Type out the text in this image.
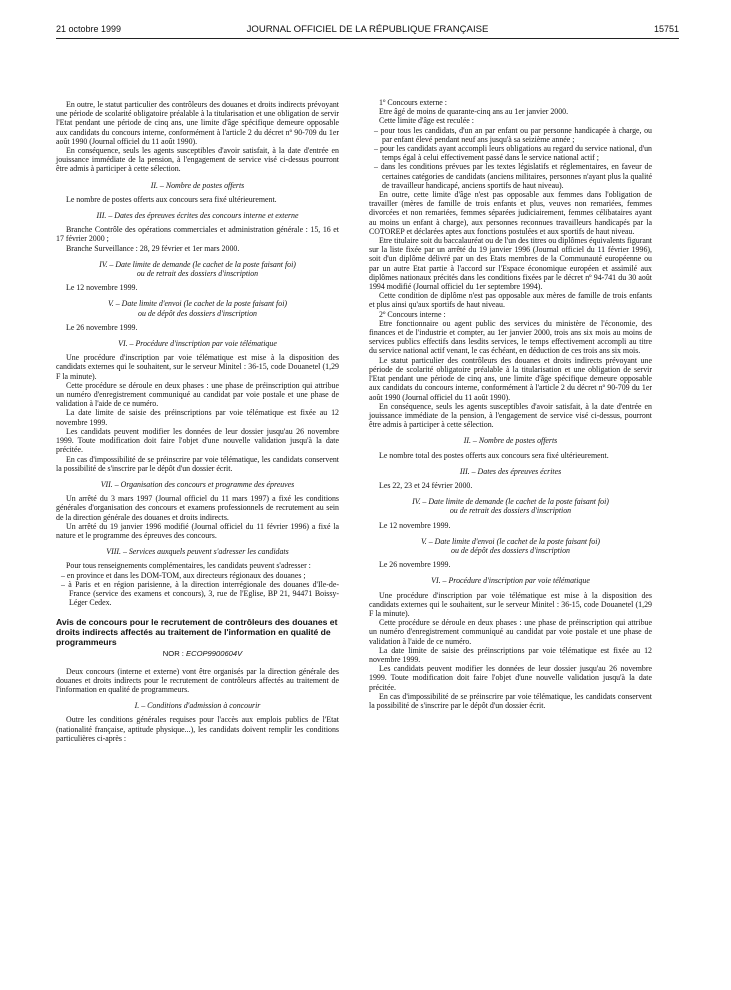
21 octobre 1999	JOURNAL OFFICIEL DE LA RÉPUBLIQUE FRANÇAISE	15751

En outre, le statut particulier des contrôleurs des douanes et droits indirects prévoyant une période de scolarité obligatoire préalable à la titularisation et une obligation de servir l'Etat pendant une période de cinq ans, une limite d'âge spécifique demeure opposable aux candidats du concours interne, conformément à l'article 2 du décret nº 90-709 du 1er août 1990 (Journal officiel du 11 août 1990).

En conséquence, seuls les agents susceptibles d'avoir satisfait, à la date d'entrée en jouissance immédiate de la pension, à l'engagement de service visé ci-dessus pourront être admis à participer à cette sélection.

II. – Nombre de postes offerts

Le nombre de postes offerts aux concours sera fixé ultérieurement.

III. – Dates des épreuves écrites des concours interne et externe

Branche Contrôle des opérations commerciales et administration générale : 15, 16 et 17 février 2000 ;

Branche Surveillance : 28, 29 février et 1er mars 2000.

IV. – Date limite de demande (le cachet de la poste faisant foi)

ou de retrait des dossiers d'inscription

Le 12 novembre 1999.

V. – Date limite d'envoi (le cachet de la poste faisant foi)

ou de dépôt des dossiers d'inscription

Le 26 novembre 1999.

VI. – Procédure d'inscription par voie télématique

Une procédure d'inscription par voie télématique est mise à la disposition des candidats externes qui le souhaitent, sur le serveur Minitel : 36-15, code Douanetel (1,29 F la minute).

Cette procédure se déroule en deux phases : une phase de préinscription qui attribue un numéro d'enregistrement communiqué au candidat par voie postale et une phase de validation à l'aide de ce numéro.

La date limite de saisie des préinscriptions par voie télématique est fixée au 12 novembre 1999.

Les candidats peuvent modifier les données de leur dossier jusqu'au 26 novembre 1999. Toute modification doit faire l'objet d'une nouvelle validation jusqu'à la date précitée.

En cas d'impossibilité de se préinscrire par voie télématique, les candidats conservent la possibilité de s'inscrire par le dépôt d'un dossier écrit.

VII. – Organisation des concours et programme des épreuves

Un arrêté du 3 mars 1997 (Journal officiel du 11 mars 1997) a fixé les conditions générales d'organisation des concours et examens professionnels de recrutement au sein de la direction générale des douanes et droits indirects.

Un arrêté du 19 janvier 1996 modifié (Journal officiel du 11 février 1996) a fixé la nature et le programme des épreuves des concours.

VIII. – Services auxquels peuvent s'adresser les candidats

Pour tous renseignements complémentaires, les candidats peuvent s'adresser :

– en province et dans les DOM-TOM, aux directeurs régionaux des douanes ;

– à Paris et en région parisienne, à la direction interrégionale des douanes d'Ile-de-France (service des examens et concours), 3, rue de l'Eglise, BP 21, 94471 Boissy-Léger Cedex.

Avis de concours pour le recrutement de contrôleurs des douanes et droits indirects affectés au traitement de l'information en qualité de programmeurs

NOR : ECOP9900604V

Deux concours (interne et externe) vont être organisés par la direction générale des douanes et droits indirects pour le recrutement de contrôleurs affectés au traitement de l'information en qualité de programmeurs.

I. – Conditions d'admission à concourir

Outre les conditions générales requises pour l'accès aux emplois publics de l'Etat (nationalité française, aptitude physique...), les candidats doivent remplir les conditions particulières ci-après :

1º Concours externe :

Etre âgé de moins de quarante-cinq ans au 1er janvier 2000.

Cette limite d'âge est reculée :

– pour tous les candidats, d'un an par enfant ou par personne handicapée à charge, ou par enfant élevé pendant neuf ans jusqu'à sa seizième année ;

– pour les candidats ayant accompli leurs obligations au regard du service national, d'un temps égal à celui effectivement passé dans le service national actif ;

– dans les conditions prévues par les textes législatifs et réglementaires, en faveur de certaines catégories de candidats (anciens militaires, personnes n'ayant plus la qualité de travailleur handicapé, anciens sportifs de haut niveau).

En outre, cette limite d'âge n'est pas opposable aux femmes dans l'obligation de travailler (mères de famille de trois enfants et plus, veuves non remariées, femmes divorcées et non remariées, femmes séparées judiciairement, femmes célibataires ayant au moins un enfant à charge), aux personnes reconnues travailleurs handicapés par la COTOREP et déclarées aptes aux fonctions postulées et aux sportifs de haut niveau.

Etre titulaire soit du baccalauréat ou de l'un des titres ou diplômes équivalents figurant sur la liste fixée par un arrêté du 19 janvier 1996 (Journal officiel du 11 février 1996), soit d'un diplôme délivré par un des Etats membres de la Communauté européenne ou par un autre Etat partie à l'accord sur l'Espace économique européen et assimilé aux diplômes nationaux précités dans les conditions fixées par le décret nº 94-741 du 30 août 1994 modifié (Journal officiel du 1er septembre 1994).

Cette condition de diplôme n'est pas opposable aux mères de famille de trois enfants et plus ainsi qu'aux sportifs de haut niveau.

2º Concours interne :

Etre fonctionnaire ou agent public des services du ministère de l'économie, des finances et de l'industrie et compter, au 1er janvier 2000, trois ans six mois au moins de services publics effectifs dans lesdits services, le temps effectivement accompli au titre du service national actif venant, le cas échéant, en déduction de ces trois ans six mois.

Le statut particulier des contrôleurs des douanes et droits indirects prévoyant une période de scolarité obligatoire préalable à la titularisation et une obligation de servir l'Etat pendant une période de cinq ans, une limite d'âge spécifique demeure opposable aux candidats du concours interne, conformément à l'article 2 du décret nº 90-709 du 1er août 1990 (Journal officiel du 11 août 1990).

En conséquence, seuls les agents susceptibles d'avoir satisfait, à la date d'entrée en jouissance immédiate de la pension, à l'engagement de service visé ci-dessus, pourront être admis à participer à cette sélection.

II. – Nombre de postes offerts

Le nombre total des postes offerts aux concours sera fixé ultérieurement.

III. – Dates des épreuves écrites

Les 22, 23 et 24 février 2000.

IV. – Date limite de demande (le cachet de la poste faisant foi)

ou de retrait des dossiers d'inscription

Le 12 novembre 1999.

V. – Date limite d'envoi (le cachet de la poste faisant foi)

ou de dépôt des dossiers d'inscription

Le 26 novembre 1999.

VI. – Procédure d'inscription par voie télématique

Une procédure d'inscription par voie télématique est mise à la disposition des candidats externes qui le souhaitent, sur le serveur Minitel : 36-15, code Douanetel (1,29 F la minute).

Cette procédure se déroule en deux phases : une phase de préinscription qui attribue un numéro d'enregistrement communiqué au candidat par voie postale et une phase de validation à l'aide de ce numéro.

La date limite de saisie des préinscriptions par voie télématique est fixée au 12 novembre 1999.

Les candidats peuvent modifier les données de leur dossier jusqu'au 26 novembre 1999. Toute modification doit faire l'objet d'une nouvelle validation jusqu'à la date précitée.

En cas d'impossibilité de se préinscrire par voie télématique, les candidats conservent la possibilité de s'inscrire par le dépôt d'un dossier écrit.
